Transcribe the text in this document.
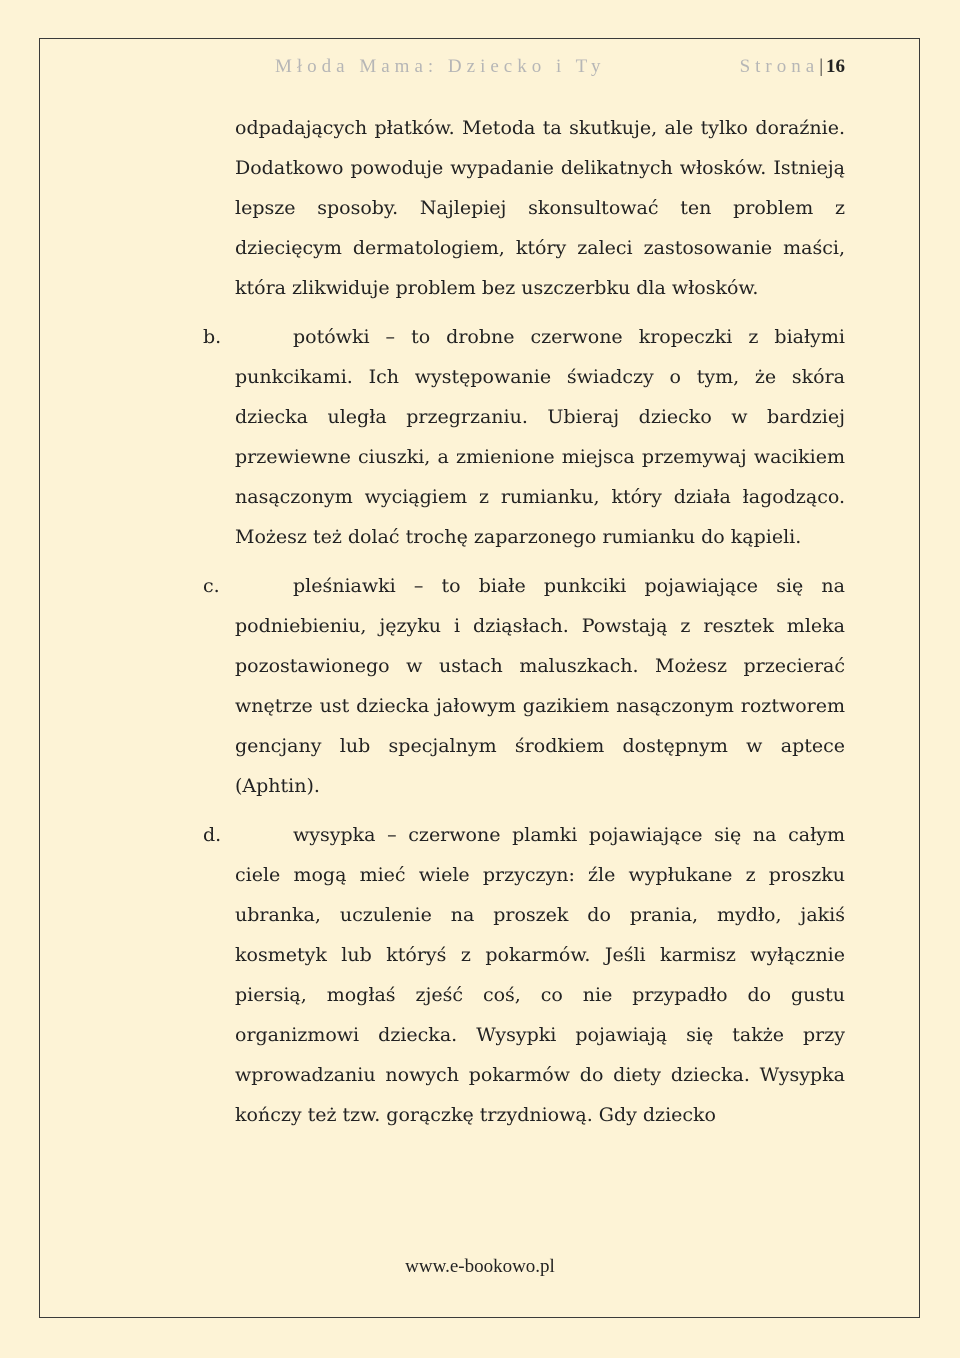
Młoda Mama: Dziecko i Ty	Strona| 16

odpadających płatków. Metoda ta skutkuje, ale tylko doraźnie. Dodatkowo powoduje wypadanie delikatnych włosków. Istnieją lepsze sposoby. Najlepiej skonsultować ten problem z dziecięcym dermatologiem, który zaleci zastosowanie maści, która zlikwiduje problem bez uszczerbku dla włosków.

b.	potówki – to drobne czerwone kropeczki z białymi punkcikami. Ich występowanie świadczy o tym, że skóra dziecka uległa przegrzaniu. Ubieraj dziecko w bardziej przewiewne ciuszki, a zmienione miejsca przemywaj wacikiem nasączonym wyciągiem z rumianku, który działa łagodząco. Możesz też dolać trochę zaparzonego rumianku do kąpieli.

c.	pleśniawki – to białe punkciki pojawiające się na podniebieniu, języku i dziąsłach. Powstają z resztek mleka pozostawionego w ustach maluszkach. Możesz przecierać wnętrze ust dziecka jałowym gazikiem nasączonym roztworem gencjany lub specjalnym środkiem dostępnym w aptece (Aphtin).

d.	wysypka – czerwone plamki pojawiające się na całym ciele mogą mieć wiele przyczyn: źle wypłukane z proszku ubranka, uczulenie na proszek do prania, mydło, jakiś kosmetyk lub któryś z pokarmów. Jeśli karmisz wyłącznie piersią, mogłaś zjeść coś, co nie przypadło do gustu organizmowi dziecka. Wysypki pojawiają się także przy wprowadzaniu nowych pokarmów do diety dziecka. Wysypka kończy też tzw. gorączkę trzydniową. Gdy dziecko

www.e-bookowo.pl
